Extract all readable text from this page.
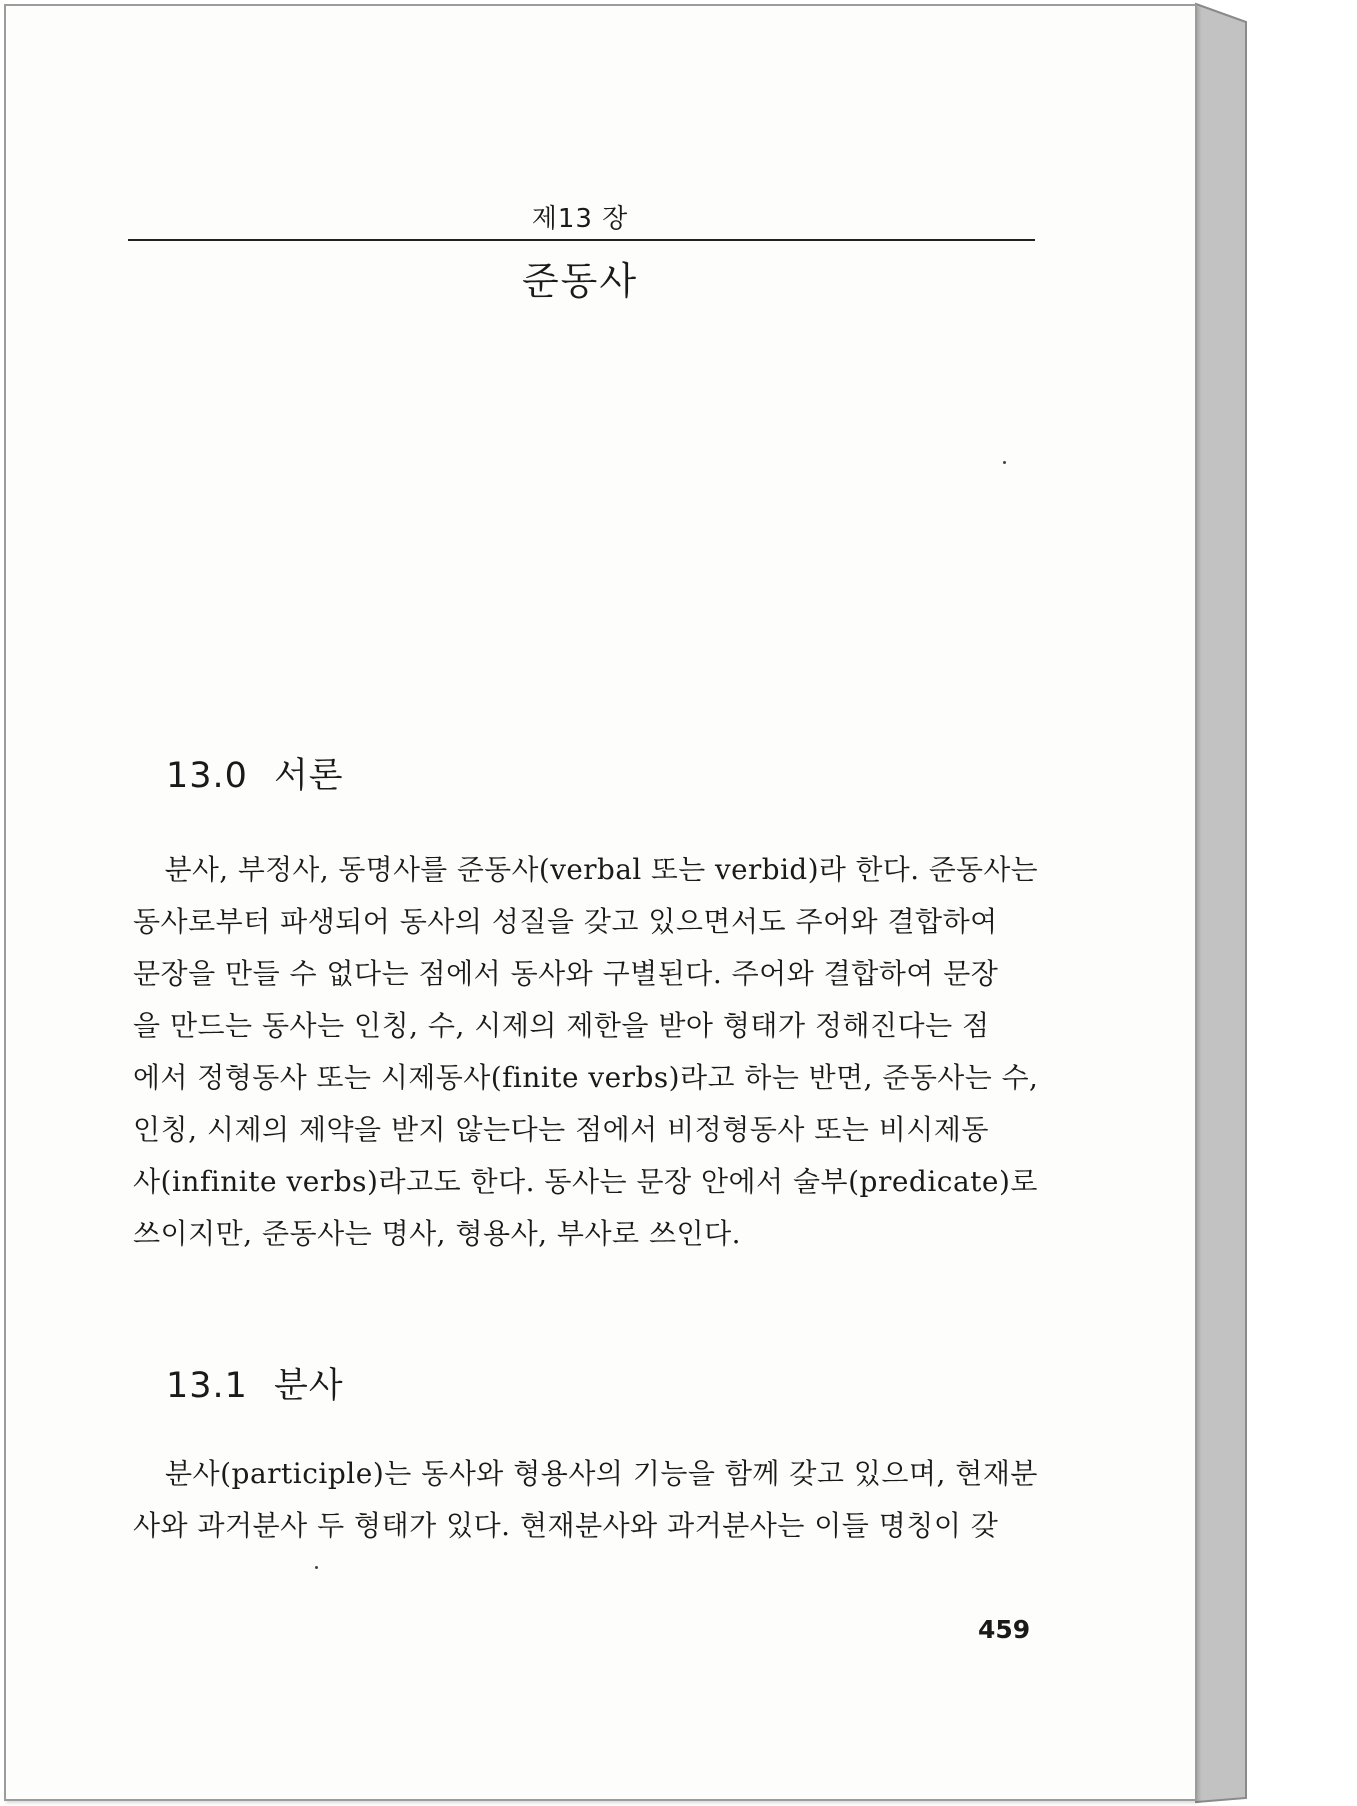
제13 장
준동사
13.0 서론

분사, 부정사, 동명사를 준동사(verbal 또는 verbid)라 한다. 준동사는
동사로부터 파생되어 동사의 성질을 갖고 있으면서도 주어와 결합하여
문장을 만들 수 없다는 점에서 동사와 구별된다. 주어와 결합하여 문장
을 만드는 동사는 인칭, 수, 시제의 제한을 받아 형태가 정해진다는 점
에서 정형동사 또는 시제동사(finite verbs)라고 하는 반면, 준동사는 수,
인칭, 시제의 제약을 받지 않는다는 점에서 비정형동사 또는 비시제동
사(infinite verbs)라고도 한다. 동사는 문장 안에서 술부(predicate)로
쓰이지만, 준동사는 명사, 형용사, 부사로 쓰인다.

13.1 분사

분사(participle)는 동사와 형용사의 기능을 함께 갖고 있으며, 현재분
사와 과거분사 두 형태가 있다. 현재분사와 과거분사는 이들 명칭이 갖

459
